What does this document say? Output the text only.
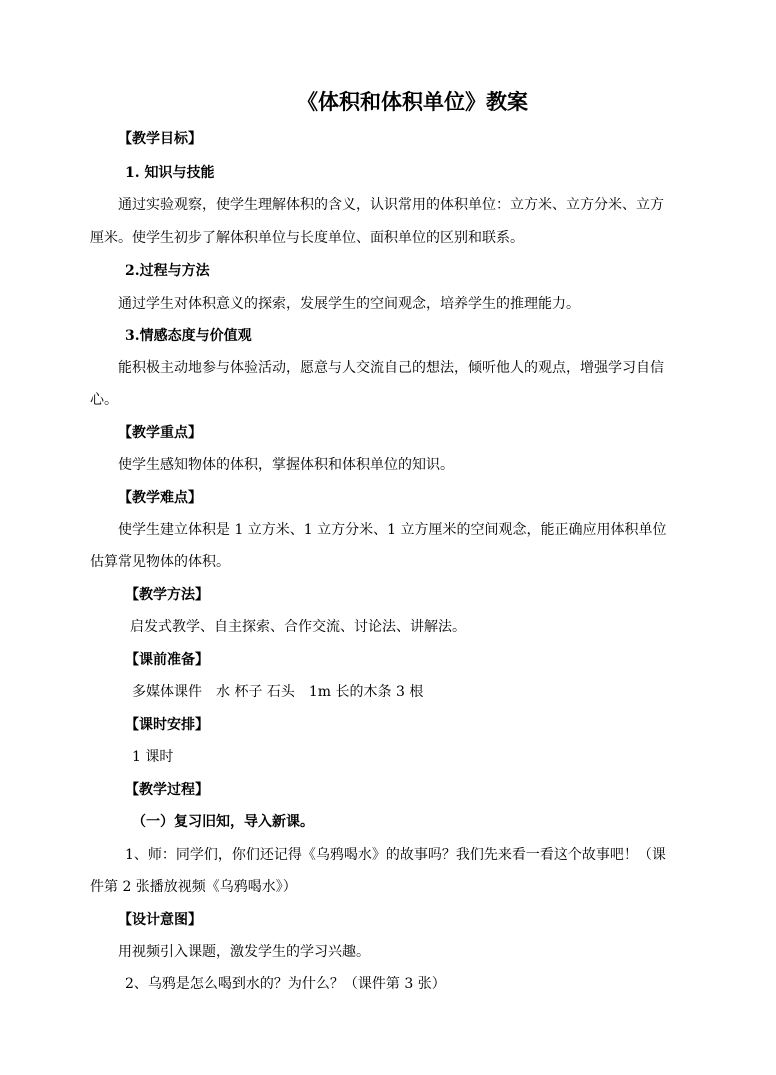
《体积和体积单位》教案
【教学目标】
1. 知识与技能
通过实验观察，使学生理解体积的含义，认识常用的体积单位：立方米、立方分米、立方
厘米。使学生初步了解体积单位与长度单位、面积单位的区别和联系。
2.过程与方法
通过学生对体积意义的探索，发展学生的空间观念，培养学生的推理能力。
3.情感态度与价值观
能积极主动地参与体验活动，愿意与人交流自己的想法，倾听他人的观点，增强学习自信
心。
【教学重点】
使学生感知物体的体积，掌握体积和体积单位的知识。
【教学难点】
使学生建立体积是 1 立方米、1 立方分米、1 立方厘米的空间观念，能正确应用体积单位
估算常见物体的体积。
【教学方法】
启发式教学、自主探索、合作交流、讨论法、讲解法。
【课前准备】
多媒体课件　水 杯子 石头　1m 长的木条 3 根
【课时安排】
1 课时
【教学过程】
（一）复习旧知，导入新课。
1、师：同学们，你们还记得《乌鸦喝水》的故事吗？我们先来看一看这个故事吧！（课
件第 2 张播放视频《乌鸦喝水》）
【设计意图】
用视频引入课题，激发学生的学习兴趣。
2、乌鸦是怎么喝到水的？为什么？（课件第 3 张）
